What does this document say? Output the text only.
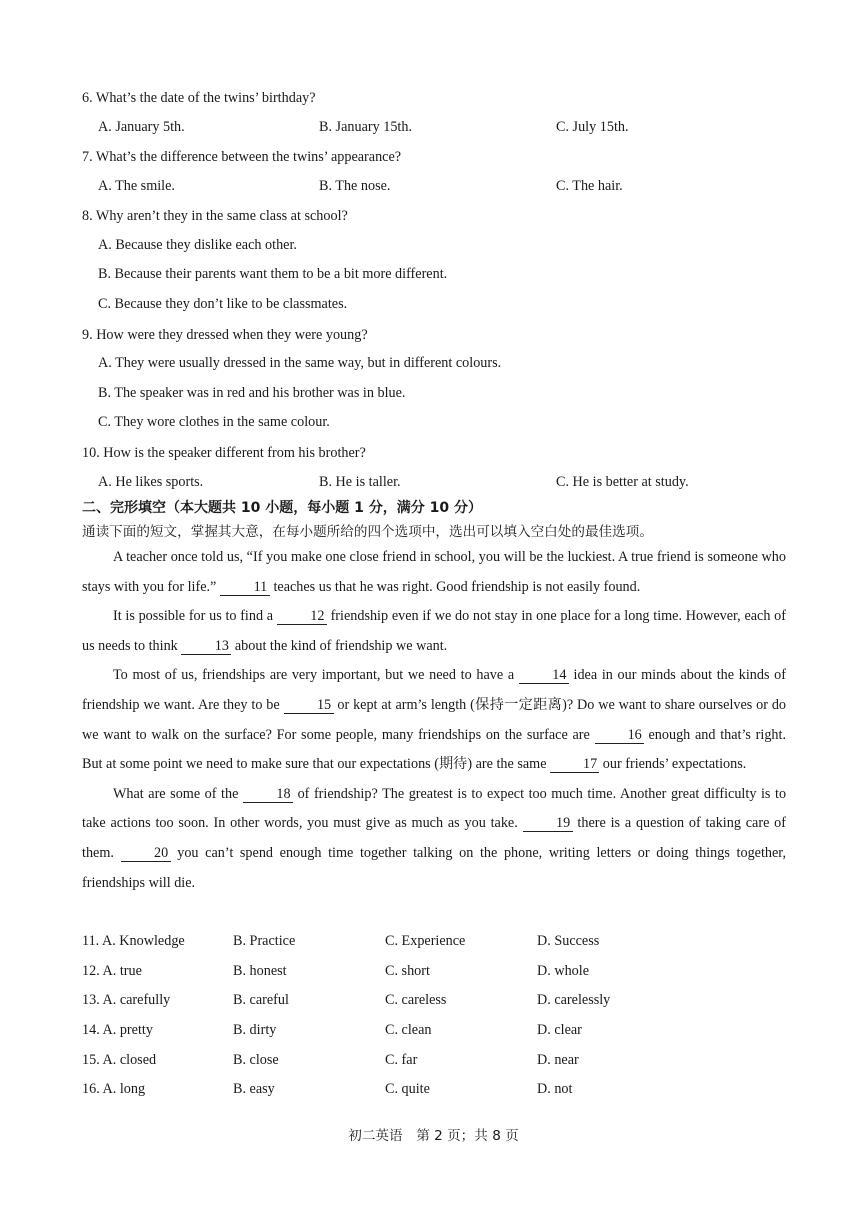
6. What’s the date of the twins’ birthday?
A. January 5th.	B. January 15th.	C. July 15th.
7. What’s the difference between the twins’ appearance?
A. The smile.	B. The nose.	C. The hair.
8. Why aren’t they in the same class at school?
A. Because they dislike each other.
B. Because their parents want them to be a bit more different.
C. Because they don’t like to be classmates.
9. How were they dressed when they were young?
A. They were usually dressed in the same way, but in different colours.
B. The speaker was in red and his brother was in blue.
C. They wore clothes in the same colour.
10. How is the speaker different from his brother?
A. He likes sports.	B. He is taller.	C. He is better at study.
二、完形填空（本大题共 10 小题，每小题 1 分，满分 10 分）
通读下面的短文，掌握其大意，在每小题所给的四个选项中，选出可以填入空白处的最佳选项。

A teacher once told us, “If you make one close friend in school, you will be the luckiest. A true friend is someone who stays with you for life.”	11 teaches us that he was right. Good friendship is not easily found.

It is possible for us to find a	12 friendship even if we do not stay in one place for a long time. However, each of us needs to think	13 about the kind of friendship we want.

To most of us, friendships are very important, but we need to have a	14 idea in our minds about the kinds of friendship we want. Are they to be	15 or kept at arm’s length (保持一定距离)? Do we want to share ourselves or do we want to walk on the surface? For some people, many friendships on the surface are	16 enough and that’s right. But at some point we need to make sure that our expectations (期待) are the same	17 our friends’ expectations.

What are some of the	18 of friendship? The greatest is to expect too much time. Another great difficulty is to take actions too soon. In other words, you must give as much as you take.	19 there is a question of taking care of them.	20 you can’t spend enough time together talking on the phone, writing letters or doing things together, friendships will die.

11. A. Knowledge	B. Practice	C. Experience	D. Success
12. A. true	B. honest	C. short	D. whole
13. A. carefully	B. careful	C. careless	D. carelessly
14. A. pretty	B. dirty	C. clean	D. clear
15. A. closed	B. close	C. far	D. near
16. A. long	B. easy	C. quite	D. not
初二英语　第 2 页；共 8 页
